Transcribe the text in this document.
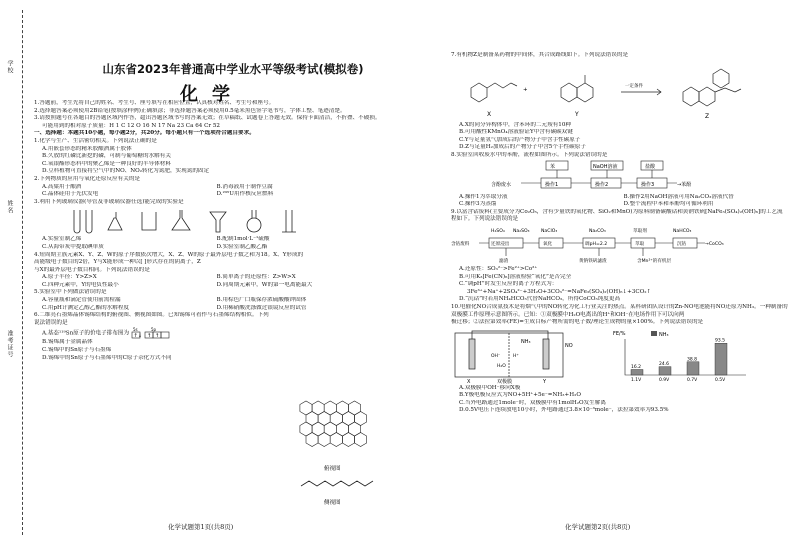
学校
姓名
准考证号
山东省2023年普通高中学业水平等级考试(模拟卷)
化学
1.答题前，考生先将自己的姓名、考生号、座号填写在相应位置，认真核对姓名、考生号和座号。
2.选择题答案必须使用2B铅笔(按填涂样例)正确填涂；非选择题答案必须使用0.5毫米黑色签字笔书写，字体工整、笔迹清楚。
3.请按照题号在各题目的答题区域内作答，超出答题区域书写的答案无效；在草稿纸、试题卷上答题无效。保持卡面清洁，不折叠、不破损。
可能用到的相对原子质量：H 1 C 12 O 16 N 17 Na 23 Ca 64 Cr 52
一、选择题：本题共10小题，每小题2分，共20分。每小题只有一个选项符合题目要求。
1.化学与生产、生活密切相关。下列说法正确的是
A.用嵌套形态的精米胶酿酒属于胶体
B.久放的红磷比新挖的磷，可制与葡萄糖的水解有关
C.氧银酯形态科中的聚乙烯是一种良好的半导体材料
D.豆科植物可直接将空气中的NO、NO₂转化为氮肥，实现氮的固定
2.下列物质的应用与氧化还原反应有关的是
A.高粱用于酿酒	B.消毒液用于制作豆腐
C.晶体硅用于光伏发电	D.²³⁵U用作核反应燃料
3.利用下列玻璃仪器(导管及非玻璃仪器任选)能完成的实验是
A.实验室制乙烯	B.配制1mol·L⁻¹硫酸
C.从海带灰中提取碘单质	D.实验室制乙酸乙酯
4.短周期主族元素X、Y、Z、W的原子序数依次增大，X、Z、W的原子最外层电子数之和为18。X、Y形成的
高能级电子数目的2倍，Y与X能形成一种以[ ]形式存在的阴离子，Z
与X的最外层电子数目相同。下列说法错误的是
A.原子半径：Y>Z>X	B.简单离子的还原性：Z>W>X
C.四种元素中，Y的电负性最小	D.同周期元素中，W的第一电离能最大
5.实验室中下列做法错误的是
A.容量瓶和滴定管使用前需检漏	B.用棕色广口瓶保存浓硫酸酸钾固体
C.用pH计测定乙醇乙酯的水解程度	D.用稀硝酸洗涤做过银镜反应的试管
6.二维亮石墨烯晶体锡烯结构的俯视图、侧视图如图。已知锡烯可看作与石墨烯结构相似。下列说法错误的是
A.基态¹¹⁹Sn原子的价电子排布图为
5s	5p
↑↓ ↑ ↑
B.锡烯属于金属晶体
C.锡烯中的Sn原子与石墨烯
D.锡烯中的Sn原子与石墨烯中的C原子杂化方式不同
俯视图
侧视图
化学试题第1页(共8页)
7.有机物Z是制备某药物的中间体，其合成路线如下。下列说法错误的是
+
X	Y	Z
一定条件
A.X的同分异构体中，含苯环的二元羧有10种
B.可用酸性KMnO₄溶液验证Y中含有碳碳双键
C.Y与足量氢气加成后的产物分子中含手性碳原子
D.Z与足量H₂加成后的产物分子中含5个手性碳原子
8.实验室回收废水中的苯酚，流程如图所示。下列说法错误的是
苯	NaOH溶液	盐酸
含酚废水	操作1	操作2	操作3	→苯酚
A.操作1为萃取分液	B.操作2用NaOH溶液可用Na₂CO₃溶液代替
C.操作3为蒸馏	D.整个流程中苯和苯酚均可循环利用
9.以富含钴废料(主要成分为Co₂O₃，含有少量铁的氧化物、SiO₂和MnO)为原料制备碳酸钴和黄钠铁矾[NaFe₃(SO₄)₂(OH)₆]的工艺流程如下。下列说法错误的是
H₂SO₄ Na₂SO₃	NaClO₃	Na₂CO₃	萃取剂	NaHCO₃
含钴废料	还原浸出	氧化	调pH=2.2	萃取	沉钴	→CoCO₃
滤渣	黄钠铁矾滤渣	含Mn²⁺的有机层
A.还原性：SO₃²⁻>Fe²⁺>Co²⁺
B.可用K₃[Fe(CN)₆]溶液检验“氧化”是否完全
C.“调pH”时发生反应的离子方程式为：
3Fe³⁺+Na⁺+2SO₄²⁻+3H₂O+3CO₃²⁻=NaFe₃(SO₄)₂(OH)₆↓+3CO₂↑
D.“沉钴”时若用NH₄HCO₃代替NaHCO₃，所得CoCO₃纯度更高
10.电催化NO合成氨技术是将烟气中的NO转化为化工行业关注的热点。某科研团队设计的Zn-NO电池能将NO还原为NH₃。一种制备的双极膜工作原理示意图所示。已知：①双极膜中H₂O电离出的H⁺和OH⁻在电场作用下可以向两
极迁移；②法拉第效率(FE)=生成目标产物所需的电子数/理论生成物的量×100%。下列说法错误的是
X	Y
双极膜
NO
NH₃
H⁺
OH⁻
H₂O
FE/%	NH₃
16.2
1.1V
24.6
0.9V
38.8
0.7V
93.5
0.5V
A.双极膜中OH⁻移向X极
B.Y极电极反应式为NO+5H⁺+5e⁻=NH₃+H₂O
C.当外电路通过1mole⁻时，双极膜中有1molH₂O发生解离
D.0.5V电压下连续放电10小时，外电路通过3.8×10⁻³mole⁻，法拉第效率为93.5%
化学试题第2页(共8页)
